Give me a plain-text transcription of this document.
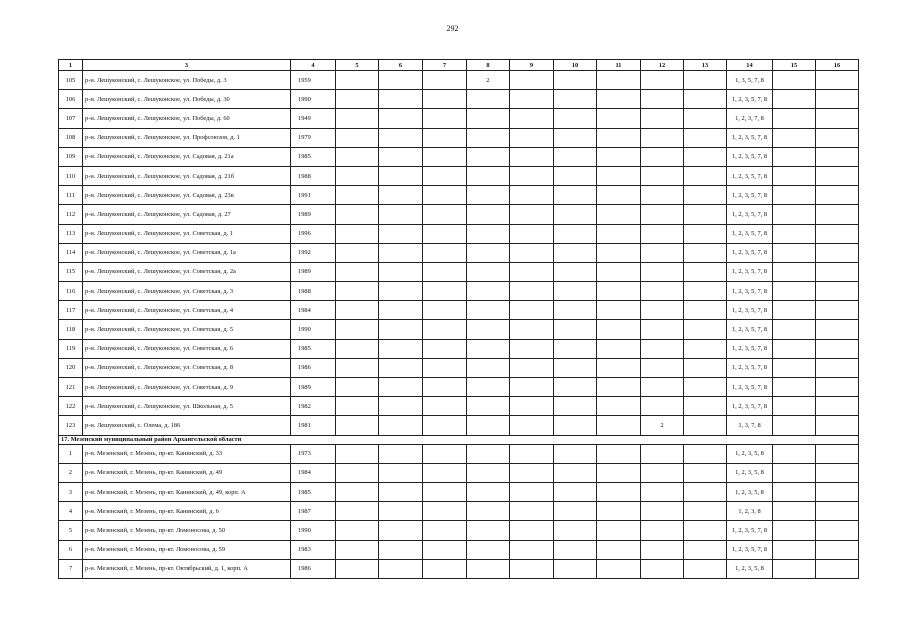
292
1	3	4	5	6	7	8	9	10	11	12	13	14	15	16
105	р-н. Лешуконский, с. Лешуконское, ул. Победы, д. 3	1959				2						1, 3, 5, 7, 8		
106	р-н. Лешуконский, с. Лешуконское, ул. Победы, д. 30	1990										1, 2, 3, 5, 7, 8		
107	р-н. Лешуконский, с. Лешуконское, ул. Победы, д. 60	1949										1, 2, 3, 7, 8		
108	р-н. Лешуконский, с. Лешуконское, ул. Профсоюзов, д. 1	1979										1, 2, 3, 5, 7, 8		
109	р-н. Лешуконский, с. Лешуконское, ул. Садовая, д. 21а	1985										1, 2, 3, 5, 7, 8		
110	р-н. Лешуконский, с. Лешуконское, ул. Садовая, д. 21б	1988										1, 2, 3, 5, 7, 8		
111	р-н. Лешуконский, с. Лешуконское, ул. Садовая, д. 23в	1991										1, 2, 3, 5, 7, 8		
112	р-н. Лешуконский, с. Лешуконское, ул. Садовая, д. 27	1989										1, 2, 3, 5, 7, 8		
113	р-н. Лешуконский, с. Лешуконское, ул. Советская, д. 1	1996										1, 2, 3, 5, 7, 8		
114	р-н. Лешуконский, с. Лешуконское, ул. Советская, д. 1а	1992										1, 2, 3, 5, 7, 8		
115	р-н. Лешуконский, с. Лешуконское, ул. Советская, д. 2а	1989										1, 2, 3, 5, 7, 8		
116	р-н. Лешуконский, с. Лешуконское, ул. Советская, д. 3	1988										1, 2, 3, 5, 7, 8		
117	р-н. Лешуконский, с. Лешуконское, ул. Советская, д. 4	1984										1, 2, 3, 5, 7, 8		
118	р-н. Лешуконский, с. Лешуконское, ул. Советская, д. 5	1990										1, 2, 3, 5, 7, 8		
119	р-н. Лешуконский, с. Лешуконское, ул. Советская, д. 6	1985										1, 2, 3, 5, 7, 8		
120	р-н. Лешуконский, с. Лешуконское, ул. Советская, д. 8	1986										1, 2, 3, 5, 7, 8		
121	р-н. Лешуконский, с. Лешуконское, ул. Советская, д. 9	1989										1, 2, 3, 5, 7, 8		
122	р-н. Лешуконский, с. Лешуконское, ул. Школьная, д. 5	1982										1, 2, 3, 5, 7, 8		
123	р-н. Лешуконский, с. Олема, д. 186	1981								2		1, 3, 7, 8		
17. Мезенский муниципальный район Архангельской области														
1	р-н. Мезенский, г. Мезень, пр-кт. Канинский, д. 33	1973										1, 2, 3, 5, 8		
2	р-н. Мезенский, г. Мезень, пр-кт. Канинский, д. 49	1984										1, 2, 3, 5, 8		
3	р-н. Мезенский, г. Мезень, пр-кт. Канинский, д. 49, корп. А	1985										1, 2, 3, 5, 8		
4	р-н. Мезенский, г. Мезень, пр-кт. Канинский, д. 6	1987										1, 2, 3, 8		
5	р-н. Мезенский, г. Мезень, пр-кт. Ломоносова, д. 50	1990										1, 2, 3, 5, 7, 8		
6	р-н. Мезенский, г. Мезень, пр-кт. Ломоносова, д. 59	1983										1, 2, 3, 5, 7, 8		
7	р-н. Мезенский, г. Мезень, пр-кт. Октябрьский, д. 1, корп. А	1986										1, 2, 3, 5, 8		
